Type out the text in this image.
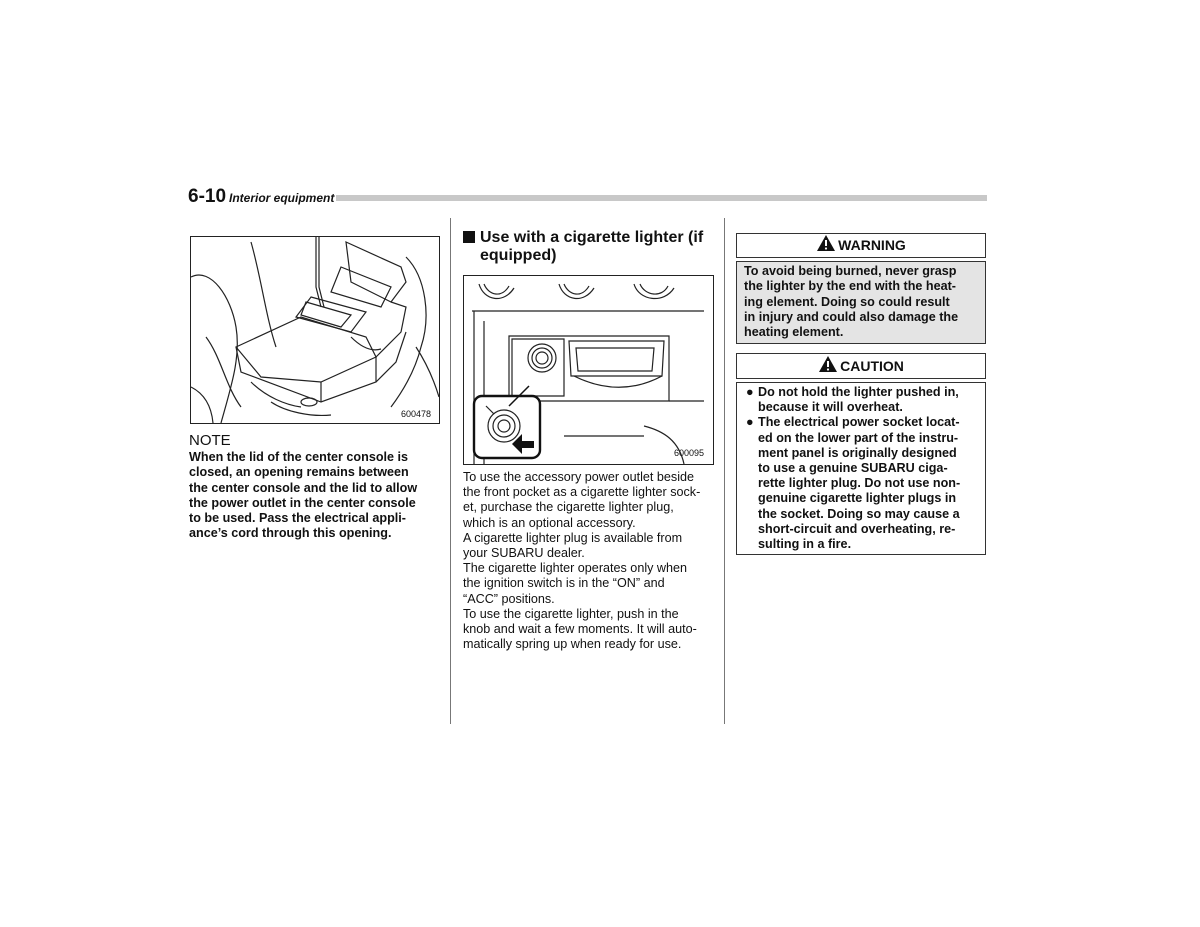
6-10 Interior equipment
600478
NOTE
When the lid of the center console is
closed, an opening remains between
the center console and the lid to allow
the power outlet in the center console
to be used. Pass the electrical appli-
ance’s cord through this opening.
Use with a cigarette lighter (if
equipped)
600095
To use the accessory power outlet beside
the front pocket as a cigarette lighter sock-
et, purchase the cigarette lighter plug,
which is an optional accessory.
A cigarette lighter plug is available from
your SUBARU dealer.
The cigarette lighter operates only when
the ignition switch is in the “ON” and
“ACC” positions.
To use the cigarette lighter, push in the
knob and wait a few moments. It will auto-
matically spring up when ready for use.
WARNING
To avoid being burned, never grasp
the lighter by the end with the heat-
ing element. Doing so could result
in injury and could also damage the
heating element.
CAUTION
● Do not hold the lighter pushed in,
because it will overheat.
● The electrical power socket locat-
ed on the lower part of the instru-
ment panel is originally designed
to use a genuine SUBARU ciga-
rette lighter plug. Do not use non-
genuine cigarette lighter plugs in
the socket. Doing so may cause a
short-circuit and overheating, re-
sulting in a fire.
